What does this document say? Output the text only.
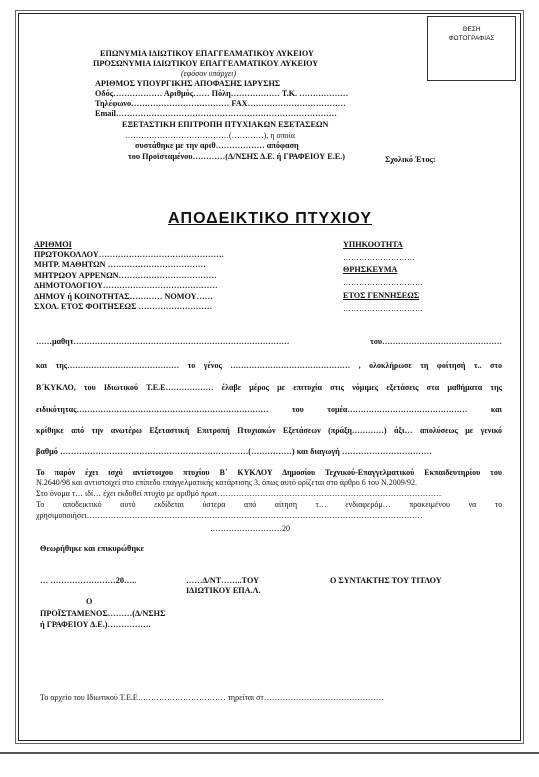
ΘΕΣΗ
ΦΩΤΟΓΡΑΦΙΑΣ
ΕΠΩΝΥΜΙΑ ΙΔΙΩΤΙΚΟΥ ΕΠΑΓΓΕΛΜΑΤΙΚΟΥ ΛΥΚΕΙΟΥ
ΠΡΟΣΩΝΥΜΙΑ ΙΔΙΩΤΙΚΟΥ ΕΠΑΓΓΕΛΜΑΤΙΚΟΥ ΛΥΚΕΙΟΥ
(εφόσον υπάρχει)
ΑΡΙΘΜΟΣ ΥΠΟΥΡΓΙΚΗΣ ΑΠΟΦΑΣΗΣ ΙΔΡΥΣΗΣ
Οδός……………… Αριθμός…… Πόλη……………… Τ.Κ. ………………
Τηλέφωνο……………………………… FAX………………………………
Email………………………………………………………………………
ΕΞΕΤΑΣΤΙΚΗ ΕΠΙΤΡΟΠΗ ΠΤΥΧΙΑΚΩΝ ΕΞΕΤΑΣΕΩΝ
…………………………………(…………), η οποία
συστάθηκε με την αριθ……………… απόφαση
του Προϊσταμένου…………(Δ/ΝΣΗΣ Δ.Ε. ή ΓΡΑΦΕΙΟΥ Ε.Ε.)	Σχολικό Έτος:
ΑΠΟΔΕΙΚΤΙΚΟ ΠΤΥΧΙΟΥ
ΑΡΙΘΜΟΙ
ΠΡΩΤΟΚΟΛΛΟΥ……………………………………….
ΜΗΤΡ. ΜΑΘΗΤΩΝ ………………………………
ΜΗΤΡΩΟΥ ΑΡΡΕΝΩΝ………………………………
ΔΗΜΟΤΟΛΟΓΙΟΥ……………………………………
ΔΗΜΟΥ ή ΚΟΙΝΟΤΗΤΑΣ………… ΝΟΜΟΥ……
ΣΧΟΛ. ΕΤΟΣ ΦΟΙΤΗΣΕΩΣ ………………………
ΥΠΗΚΟΟΤΗΤΑ
………………………
ΘΡΗΣΚΕΥΜΑ
…………………………
ΕΤΟΣ ΓΕΝΝΗΣΕΩΣ
…………………………
……μαθητ………………………………………………………………………	του………………………………………
και της…………………………………… το γένος ……………………………………… , ολοκλήρωσε τη φοίτησή τ.. στο
Β΄ΚΥΚΛΟ, του Ιδιωτικού Τ.Ε.Ε……………… έλαβε μέρος με επιτυχία στις νόμιμες εξετάσεις στα μαθήματα της
ειδικότητας………………………………………………………………	του τομέα………………………………………	και
κρίθηκε από την ανωτέρω Εξεταστική Επιτροπή Πτυχιακών Εξετάσεων (πράξη…………) άξι… απολύσεως με γενικό
βαθμό ……………………………………………………………(……………) και διαγωγή ……………………………
Το παρόν έχει ισχύ αντίστοιχου πτυχίου Β΄ ΚΥΚΛΟΥ Δημοσίου Τεχνικού-Επαγγελματικού Εκπαιδευτηρίου του
Ν.2640/98 και αντιστοιχεί στο επίπεδο επαγγελματικής κατάρτισης 3, όπως αυτό ορίζεται στο άρθρο 6 του Ν.2009/92.
Στο όνομα τ… ιδί… έχει εκδοθεί πτυχίο με αριθμό πρωτ…………………………………………………………………………
Το αποδεικτικό αυτό εκδίδεται ύστερα από αίτηση τ… ενδιαφερόμ… προκειμένου να το
χρησιμοποιήσει………………………………………………………………………………………………………………
………………………20
Θεωρήθηκε και επικυρώθηκε
… ……………………20…..	……Δ/ΝΤ……..ΤΟΥ
ΙΔΙΩΤΙΚΟΥ ΕΠΑ.Λ.
Ο ΣΥΝΤΑΚΤΗΣ ΤΟΥ ΤΙΤΛΟΥ
Ο
ΠΡΟΪΣΤΑΜΕΝΟΣ………(Δ/ΝΣΗΣ
ή ΓΡΑΦΕΙΟΥ Δ.Ε.)…………….
Το αρχείο του Ιδιωτικού Τ.Ε.Ε…………………………… τηρείται στ………………………………………
